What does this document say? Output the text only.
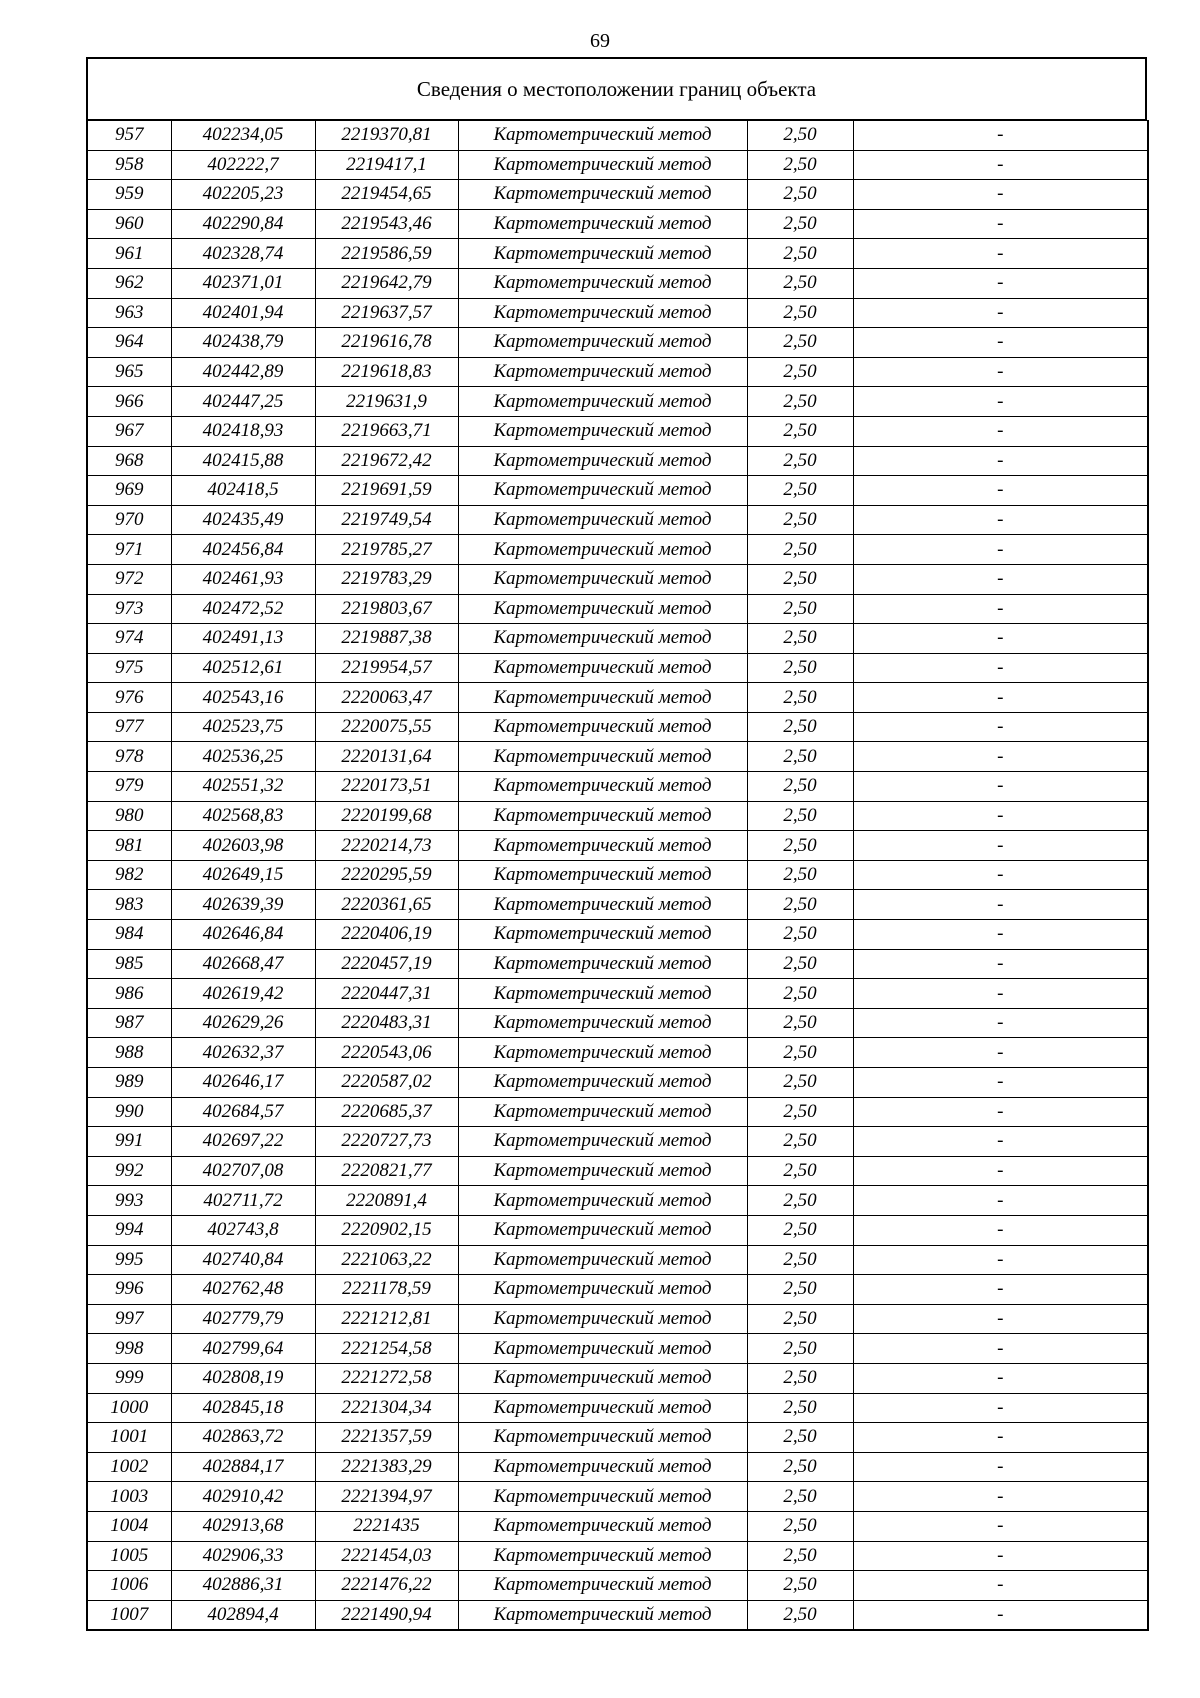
69
Сведения о местоположении границ объекта
957	402234,05	2219370,81	Картометрический метод	2,50	-
958	402222,7	2219417,1	Картометрический метод	2,50	-
959	402205,23	2219454,65	Картометрический метод	2,50	-
960	402290,84	2219543,46	Картометрический метод	2,50	-
961	402328,74	2219586,59	Картометрический метод	2,50	-
962	402371,01	2219642,79	Картометрический метод	2,50	-
963	402401,94	2219637,57	Картометрический метод	2,50	-
964	402438,79	2219616,78	Картометрический метод	2,50	-
965	402442,89	2219618,83	Картометрический метод	2,50	-
966	402447,25	2219631,9	Картометрический метод	2,50	-
967	402418,93	2219663,71	Картометрический метод	2,50	-
968	402415,88	2219672,42	Картометрический метод	2,50	-
969	402418,5	2219691,59	Картометрический метод	2,50	-
970	402435,49	2219749,54	Картометрический метод	2,50	-
971	402456,84	2219785,27	Картометрический метод	2,50	-
972	402461,93	2219783,29	Картометрический метод	2,50	-
973	402472,52	2219803,67	Картометрический метод	2,50	-
974	402491,13	2219887,38	Картометрический метод	2,50	-
975	402512,61	2219954,57	Картометрический метод	2,50	-
976	402543,16	2220063,47	Картометрический метод	2,50	-
977	402523,75	2220075,55	Картометрический метод	2,50	-
978	402536,25	2220131,64	Картометрический метод	2,50	-
979	402551,32	2220173,51	Картометрический метод	2,50	-
980	402568,83	2220199,68	Картометрический метод	2,50	-
981	402603,98	2220214,73	Картометрический метод	2,50	-
982	402649,15	2220295,59	Картометрический метод	2,50	-
983	402639,39	2220361,65	Картометрический метод	2,50	-
984	402646,84	2220406,19	Картометрический метод	2,50	-
985	402668,47	2220457,19	Картометрический метод	2,50	-
986	402619,42	2220447,31	Картометрический метод	2,50	-
987	402629,26	2220483,31	Картометрический метод	2,50	-
988	402632,37	2220543,06	Картометрический метод	2,50	-
989	402646,17	2220587,02	Картометрический метод	2,50	-
990	402684,57	2220685,37	Картометрический метод	2,50	-
991	402697,22	2220727,73	Картометрический метод	2,50	-
992	402707,08	2220821,77	Картометрический метод	2,50	-
993	402711,72	2220891,4	Картометрический метод	2,50	-
994	402743,8	2220902,15	Картометрический метод	2,50	-
995	402740,84	2221063,22	Картометрический метод	2,50	-
996	402762,48	2221178,59	Картометрический метод	2,50	-
997	402779,79	2221212,81	Картометрический метод	2,50	-
998	402799,64	2221254,58	Картометрический метод	2,50	-
999	402808,19	2221272,58	Картометрический метод	2,50	-
1000	402845,18	2221304,34	Картометрический метод	2,50	-
1001	402863,72	2221357,59	Картометрический метод	2,50	-
1002	402884,17	2221383,29	Картометрический метод	2,50	-
1003	402910,42	2221394,97	Картометрический метод	2,50	-
1004	402913,68	2221435	Картометрический метод	2,50	-
1005	402906,33	2221454,03	Картометрический метод	2,50	-
1006	402886,31	2221476,22	Картометрический метод	2,50	-
1007	402894,4	2221490,94	Картометрический метод	2,50	-
